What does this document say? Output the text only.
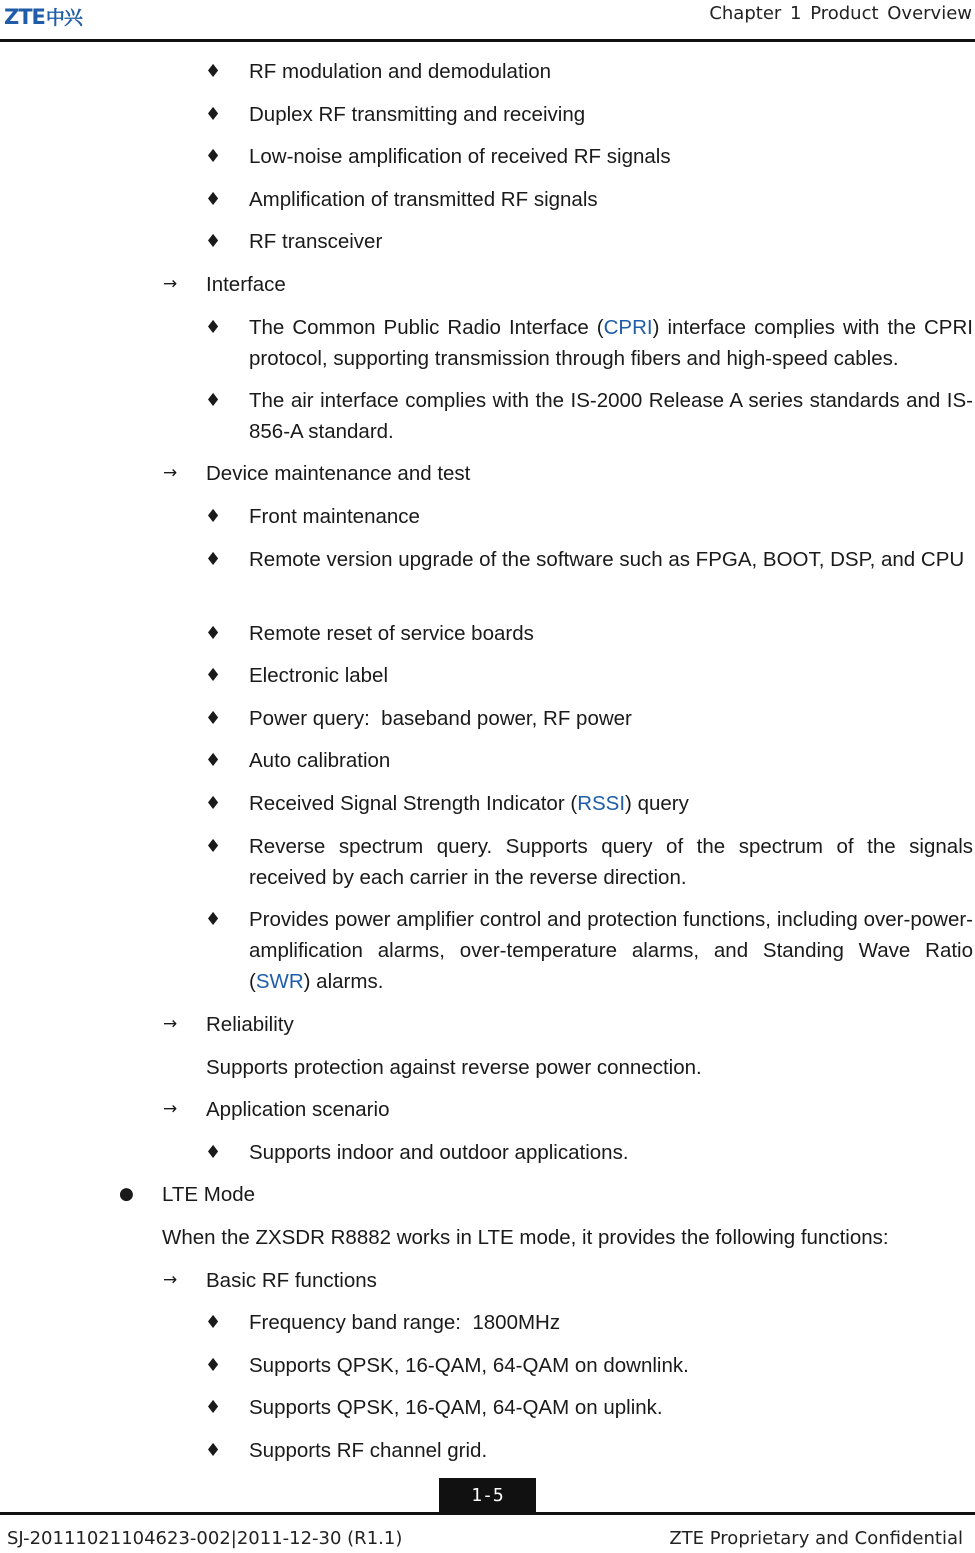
ZTE中兴	Chapter 1 Product Overview
♦ RF modulation and demodulation
♦ Duplex RF transmitting and receiving
♦ Low-noise amplification of received RF signals
♦ Amplification of transmitted RF signals
♦ RF transceiver
→ Interface
♦ The Common Public Radio Interface (CPRI) interface complies with the CPRI protocol, supporting transmission through fibers and high-speed cables.
♦ The air interface complies with the IS-2000 Release A series standards and IS-856-A standard.
→ Device maintenance and test
♦ Front maintenance
♦ Remote version upgrade of the software such as FPGA, BOOT, DSP, and CPU
♦ Remote reset of service boards
♦ Electronic label
♦ Power query:  baseband power, RF power
♦ Auto calibration
♦ Received Signal Strength Indicator (RSSI) query
♦ Reverse spectrum query. Supports query of the spectrum of the signals received by each carrier in the reverse direction.
♦ Provides power amplifier control and protection functions, including over-power-amplification alarms, over-temperature alarms, and Standing Wave Ratio (SWR) alarms.
→ Reliability
Supports protection against reverse power connection.
→ Application scenario
♦ Supports indoor and outdoor applications.
● LTE Mode
When the ZXSDR R8882 works in LTE mode, it provides the following functions:
→ Basic RF functions
♦ Frequency band range:  1800MHz
♦ Supports QPSK, 16-QAM, 64-QAM on downlink.
♦ Supports QPSK, 16-QAM, 64-QAM on uplink.
♦ Supports RF channel grid.
1-5
SJ-20111021104623-002|2011-12-30 (R1.1)	ZTE Proprietary and Confidential
